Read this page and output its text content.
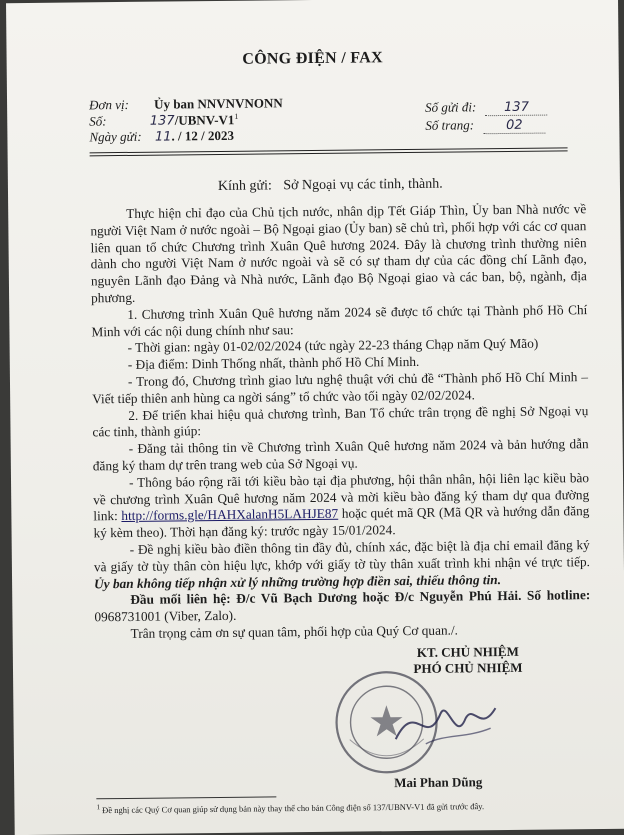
CÔNG ĐIỆN / FAX
Đơn vị: Ủy ban NNVNVNONN
Số:	$137/UBNV-V1^1$
Ngày gửi: 11. / 12 / 2023
Số gửi đi: 137
Số trang: 02
Kính gửi: Sở Ngoại vụ các tỉnh, thành.

Thực hiện chỉ đạo của Chủ tịch nước, nhân dịp Tết Giáp Thìn, Ủy ban Nhà nước về người Việt Nam ở nước ngoài – Bộ Ngoại giao (Ủy ban) sẽ chủ trì, phối hợp với các cơ quan liên quan tổ chức Chương trình Xuân Quê hương 2024. Đây là chương trình thường niên dành cho người Việt Nam ở nước ngoài và sẽ có sự tham dự của các đồng chí Lãnh đạo, nguyên Lãnh đạo Đảng và Nhà nước, Lãnh đạo Bộ Ngoại giao và các ban, bộ, ngành, địa phương.

1. Chương trình Xuân Quê hương năm 2024 sẽ được tổ chức tại Thành phố Hồ Chí Minh với các nội dung chính như sau:

- Thời gian: ngày 01-02/02/2024 (tức ngày 22-23 tháng Chạp năm Quý Mão)

- Địa điểm: Dinh Thống nhất, thành phố Hồ Chí Minh.

- Trong đó, Chương trình giao lưu nghệ thuật với chủ đề “Thành phố Hồ Chí Minh – Viết tiếp thiên anh hùng ca ngời sáng” tổ chức vào tối ngày 02/02/2024.

2. Để triển khai hiệu quả chương trình, Ban Tổ chức trân trọng đề nghị Sở Ngoại vụ các tỉnh, thành giúp:

- Đăng tải thông tin về Chương trình Xuân Quê hương năm 2024 và bản hướng dẫn đăng ký tham dự trên trang web của Sở Ngoại vụ.

- Thông báo rộng rãi tới kiều bào tại địa phương, hội thân nhân, hội liên lạc kiều bào về chương trình Xuân Quê hương năm 2024 và mời kiều bào đăng ký tham dự qua đường link: http://forms.gle/HAHXalanH5LAHJE87 hoặc quét mã QR (Mã QR và hướng dẫn đăng ký kèm theo). Thời hạn đăng ký: trước ngày 15/01/2024.

- Đề nghị kiều bào điền thông tin đầy đủ, chính xác, đặc biệt là địa chỉ email đăng ký và giấy tờ tùy thân còn hiệu lực, khớp với giấy tờ tùy thân xuất trình khi nhận vé trực tiếp. Ủy ban không tiếp nhận xử lý những trường hợp điền sai, thiếu thông tin.

Đầu mối liên hệ: Đ/c Vũ Bạch Dương hoặc Đ/c Nguyễn Phú Hải. Số hotline: 0968731001 (Viber, Zalo).

Trân trọng cảm ơn sự quan tâm, phối hợp của Quý Cơ quan./.

KT. CHỦ NHIỆM
PHÓ CHỦ NHIỆM
Mai Phan Dũng
$^1$ Đề nghị các Quý Cơ quan giúp sử dụng bản này thay thế cho bản Công điện số 137/UBNV-V1 đã gửi trước đây.
